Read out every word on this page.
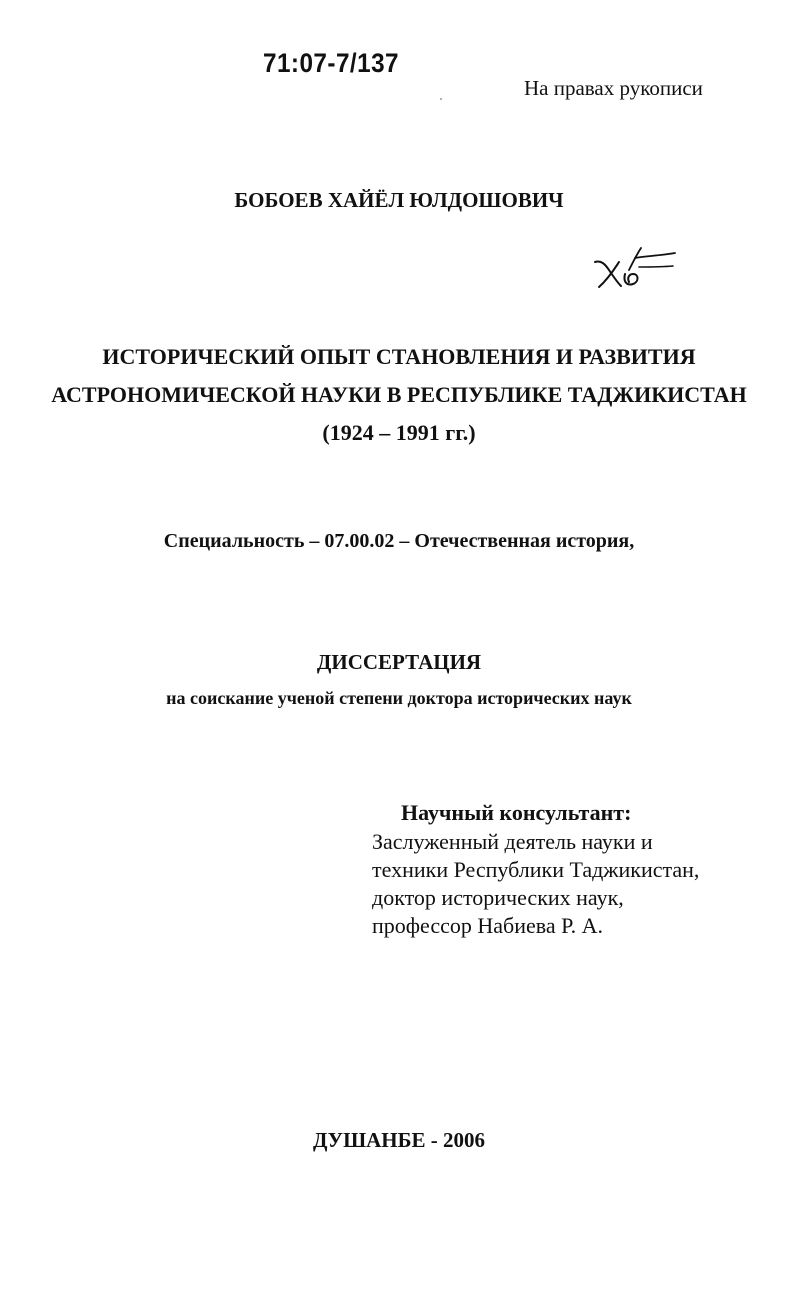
71:07-7/137
На правах рукописи
БОБОЕВ ХАЙЁЛ ЮЛДОШОВИЧ
ИСТОРИЧЕСКИЙ ОПЫТ СТАНОВЛЕНИЯ И РАЗВИТИЯ
АСТРОНОМИЧЕСКОЙ НАУКИ В РЕСПУБЛИКЕ ТАДЖИКИСТАН
(1924 – 1991 гг.)
Специальность – 07.00.02 – Отечественная история,
ДИССЕРТАЦИЯ
на соискание ученой степени доктора исторических наук
Научный консультант:
Заслуженный деятель науки и
техники Республики Таджикистан,
доктор исторических наук,
профессор Набиева Р. А.
ДУШАНБЕ - 2006
